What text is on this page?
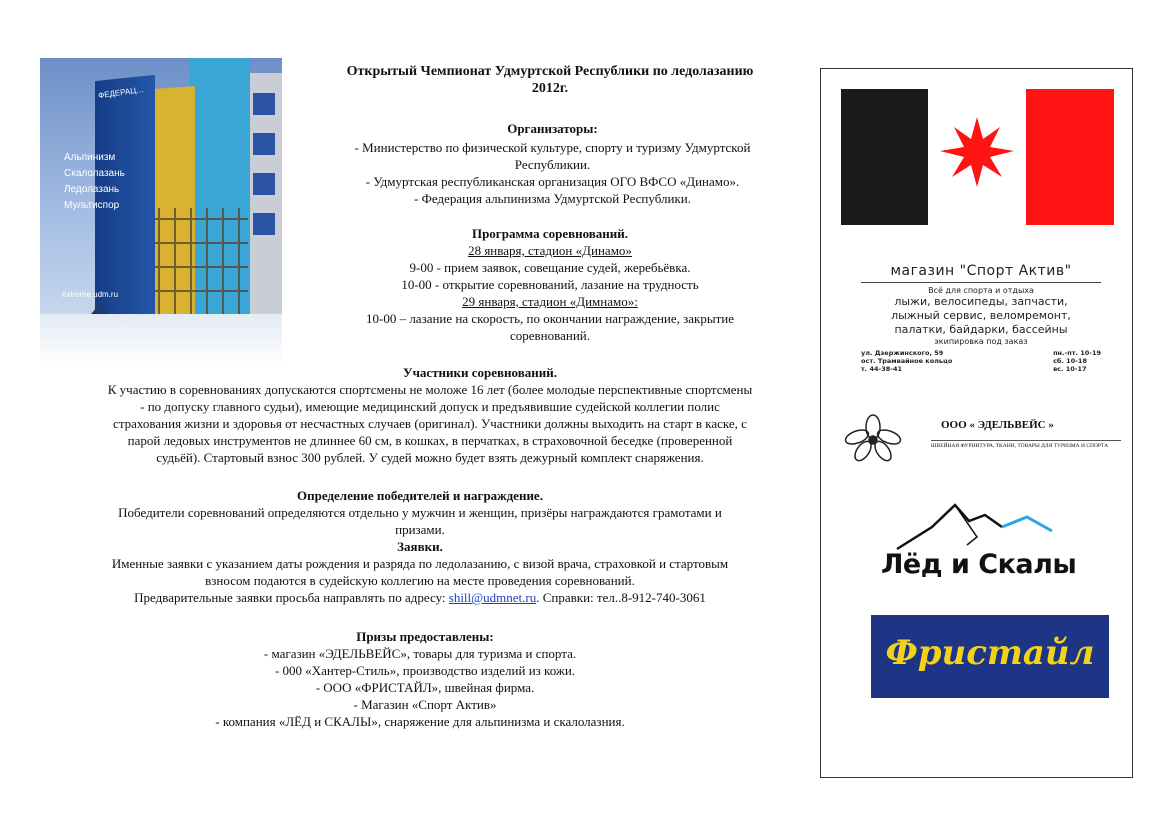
ФЕДЕРАЦ…
Альпинизм
Скалолазань
Ледолазань
Мультиспор
extreme.udm.ru
Открытый Чемпионат Удмуртской Республики по ледолазанию
2012г.
Организаторы:
- Министерство по физической культуре, спорту и туризму Удмуртской
Республикии.
- Удмуртская республиканская организация ОГО ВФСО «Динамо».
- Федерация альпинизма Удмуртской Республики.
Программа соревнований.
28 января, стадион «Динамо»
9-00 - прием заявок, совещание судей, жеребьёвка.
10-00 - открытие соревнований, лазание на трудность
29 января, стадион «Димнамо»:
10-00 – лазание на скорость, по окончании награждение, закрытие
соревнований.
Участники соревнований.
К участию в соревнованиях допускаются спортсмены не моложе 16 лет (более молодые перспективные спортсмены
- по допуску главного судьи), имеющие медицинский допуск и предъявившие судейской коллегии полис
страхования жизни и здоровья от несчастных случаев (оригинал). Участники должны выходить на старт в каске, с
парой ледовых инструментов не длиннее 60 см, в кошках, в перчатках, в страховочной беседке (проверенной
судьёй). Стартовый взнос 300 рублей. У судей можно будет взять дежурный комплект снаряжения.
Определение победителей и награждение.
Победители соревнований определяются отдельно у мужчин и женщин, призёры награждаются грамотами и
призами.
Заявки.
Именные заявки с указанием даты рождения и разряда по ледолазанию, с визой врача, страховкой и стартовым
взносом подаются в судейскую коллегию на месте проведения соревнований.
Предварительные заявки просьба направлять по адресу: shill@udmnet.ru. Справки: тел..8-912-740-3061
Призы предоставлены:
- магазин «ЭДЕЛЬВЕЙС», товары для туризма и спорта.
- 000 «Хантер-Стиль», производство изделий из кожи.
- ООО «ФРИСТАЙЛ», швейная фирма.
- Магазин «Спорт Актив»
- компания «ЛЁД и СКАЛЫ», снаряжение для альпинизма и скалолазния.
магазин "Спорт Актив"
Всё для спорта и отдыха
лыжи, велосипеды, запчасти,
лыжный сервис, веломремонт,
палатки, байдарки, бассейны
экипировка под заказ
ул. Дзержинского, 59
ост. Трамвайное кольцо
т. 44-38-41
пн.-пт. 10-19
сб. 10-18
вс. 10-17
ООО « ЭДЕЛЬВЕЙС »
ШВЕЙНАЯ ФУРНИТУРА, ТКАНИ, ТОВАРЫ ДЛЯ ТУРИЗМА И СПОРТА
Лёд и Скалы
Фристайл
